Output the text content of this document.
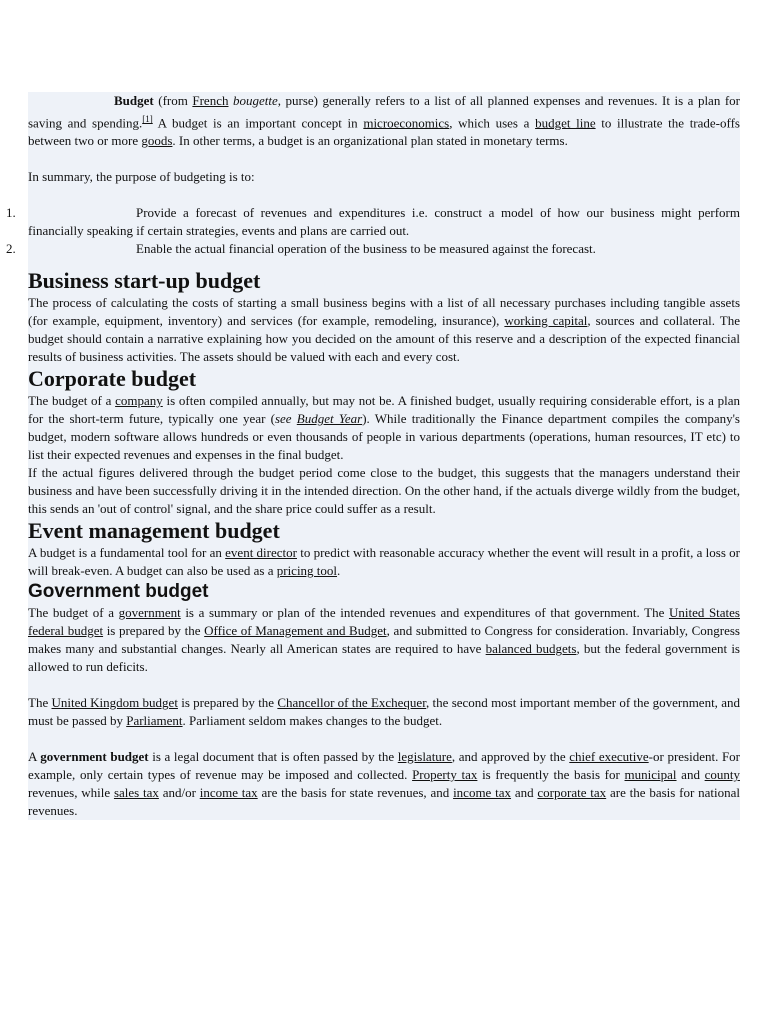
Budget (from French bougette, purse) generally refers to a list of all planned expenses and revenues. It is a plan for saving and spending.[1] A budget is an important concept in microeconomics, which uses a budget line to illustrate the trade-offs between two or more goods. In other terms, a budget is an organizational plan stated in monetary terms.

In summary, the purpose of budgeting is to:

1.	Provide a forecast of revenues and expenditures i.e. construct a model of how our business might perform financially speaking if certain strategies, events and plans are carried out.
2.	Enable the actual financial operation of the business to be measured against the forecast.
Business start-up budget

The process of calculating the costs of starting a small business begins with a list of all necessary purchases including tangible assets (for example, equipment, inventory) and services (for example, remodeling, insurance), working capital, sources and collateral. The budget should contain a narrative explaining how you decided on the amount of this reserve and a description of the expected financial results of business activities. The assets should be valued with each and every cost.

Corporate budget

The budget of a company is often compiled annually, but may not be. A finished budget, usually requiring considerable effort, is a plan for the short-term future, typically one year (see Budget Year). While traditionally the Finance department compiles the company's budget, modern software allows hundreds or even thousands of people in various departments (operations, human resources, IT etc) to list their expected revenues and expenses in the final budget.

If the actual figures delivered through the budget period come close to the budget, this suggests that the managers understand their business and have been successfully driving it in the intended direction. On the other hand, if the actuals diverge wildly from the budget, this sends an 'out of control' signal, and the share price could suffer as a result.

Event management budget

A budget is a fundamental tool for an event director to predict with reasonable accuracy whether the event will result in a profit, a loss or will break-even. A budget can also be used as a pricing tool.

Government budget

The budget of a government is a summary or plan of the intended revenues and expenditures of that government. The United States federal budget is prepared by the Office of Management and Budget, and submitted to Congress for consideration. Invariably, Congress makes many and substantial changes. Nearly all American states are required to have balanced budgets, but the federal government is allowed to run deficits.

The United Kingdom budget is prepared by the Chancellor of the Exchequer, the second most important member of the government, and must be passed by Parliament. Parliament seldom makes changes to the budget.

A government budget is a legal document that is often passed by the legislature, and approved by the chief executive-or president. For example, only certain types of revenue may be imposed and collected. Property tax is frequently the basis for municipal and county revenues, while sales tax and/or income tax are the basis for state revenues, and income tax and corporate tax are the basis for national revenues.
